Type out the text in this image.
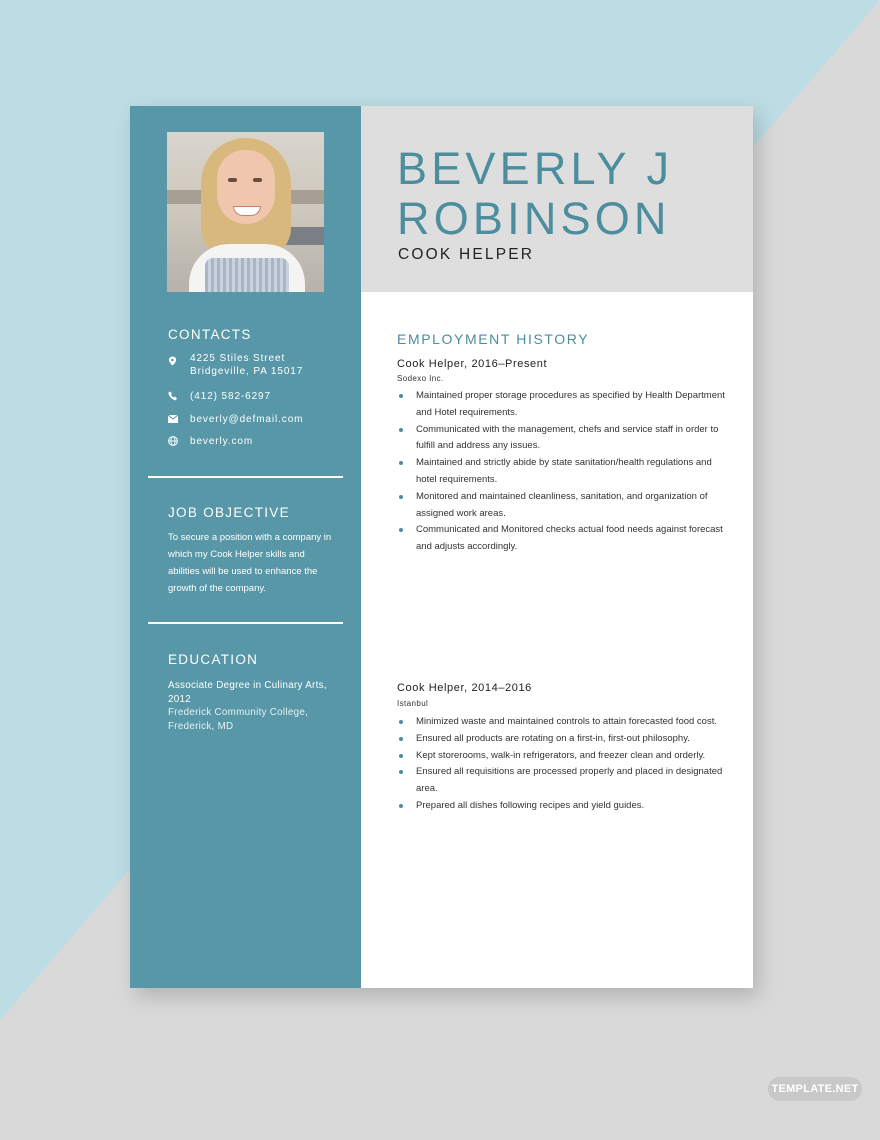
CONTACTS
4225 Stiles Street
Bridgeville, PA 15017
(412) 582-6297
beverly@defmail.com
beverly.com
JOB OBJECTIVE
To secure a position with a company in which my Cook Helper skills and abilities will be used to enhance the growth of the company.
EDUCATION
Associate Degree in Culinary Arts, 2012
Frederick Community College, Frederick, MD
BEVERLY J
ROBINSON
COOK HELPER
EMPLOYMENT HISTORY
Cook Helper, 2016–Present
Sodexo Inc.
Maintained proper storage procedures as specified by Health Department and Hotel requirements.
Communicated with the management, chefs and service staff in order to fulfill and address any issues.
Maintained and strictly abide by state sanitation/health regulations and hotel requirements.
Monitored and maintained cleanliness, sanitation, and organization of assigned work areas.
Communicated and Monitored checks actual food needs against forecast and adjusts accordingly.
Cook Helper, 2014–2016
Istanbul
Minimized waste and maintained controls to attain forecasted food cost.
Ensured all products are rotating on a first-in, first-out philosophy.
Kept storerooms, walk-in refrigerators, and freezer clean and orderly.
Ensured all requisitions are processed properly and placed in designated area.
Prepared all dishes following recipes and yield guides.
TEMPLATE.NET
